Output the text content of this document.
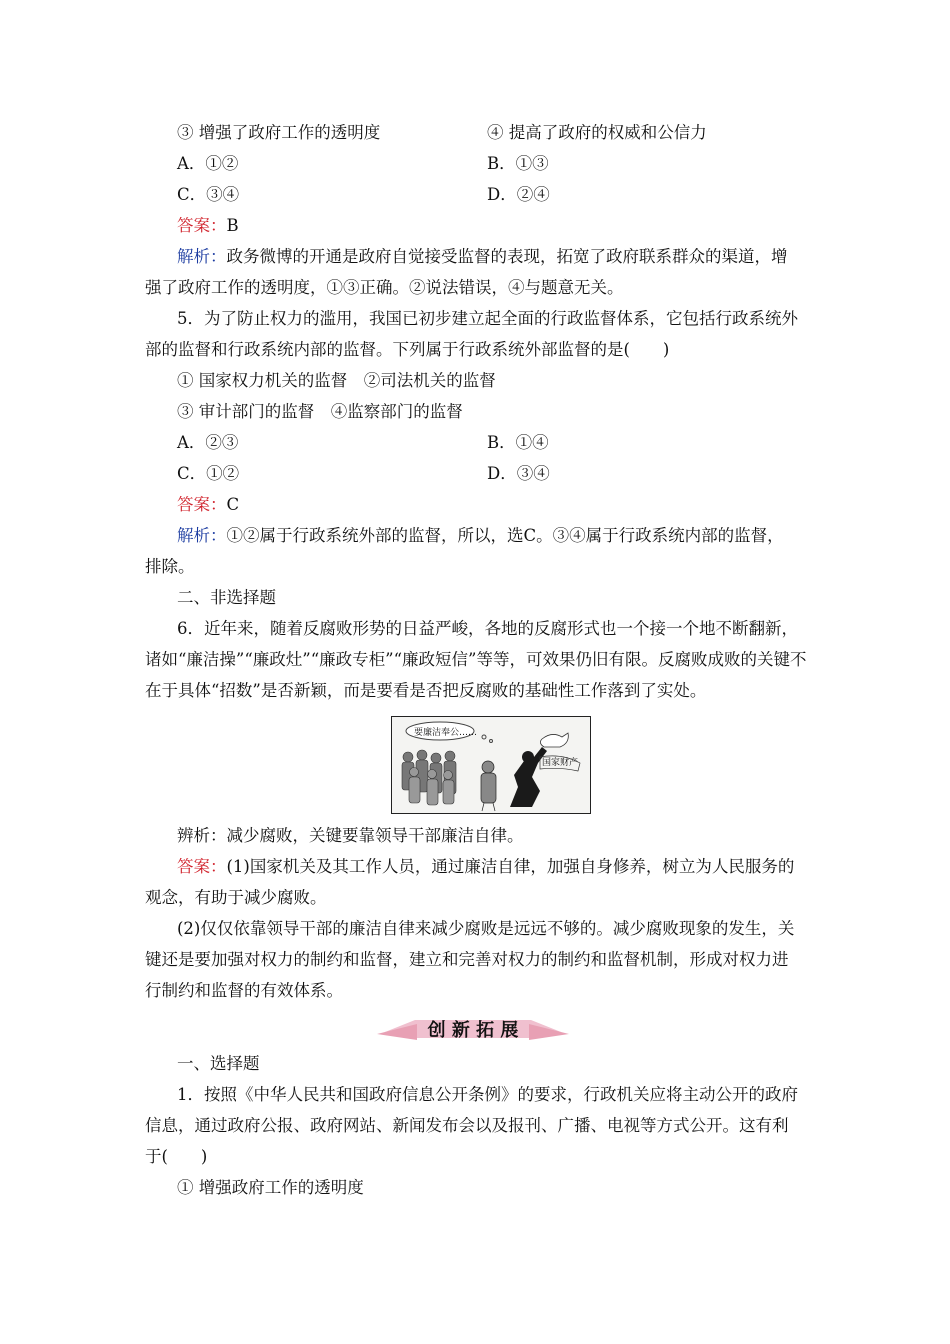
③ 增强了政府工作的透明度	④ 提高了政府的权威和公信力
A．①②	B．①③
C．③④	D．②④
答案：B
解析：政务微博的开通是政府自觉接受监督的表现，拓宽了政府联系群众的渠道，增
强了政府工作的透明度，①③正确。②说法错误，④与题意无关。
5．为了防止权力的滥用，我国已初步建立起全面的行政监督体系，它包括行政系统外
部的监督和行政系统内部的监督。下列属于行政系统外部监督的是(　　)
① 国家权力机关的监督　②司法机关的监督
③ 审计部门的监督　④监察部门的监督
A．②③	B．①④
C．①②	D．③④
答案：C
解析：①②属于行政系统外部的监督，所以，选C。③④属于行政系统内部的监督，
排除。
二、非选择题
6．近年来，随着反腐败形势的日益严峻，各地的反腐形式也一个接一个地不断翻新，
诸如“廉洁操”“廉政灶”“廉政专柜”“廉政短信”等等，可效果仍旧有限。反腐败成败的关键不
在于具体“招数”是否新颖，而是要看是否把反腐败的基础性工作落到了实处。
要廉洁奉公……
国家财产
辨析：减少腐败，关键要靠领导干部廉洁自律。
答案：(1)国家机关及其工作人员，通过廉洁自律，加强自身修养，树立为人民服务的
观念，有助于减少腐败。
(2)仅仅依靠领导干部的廉洁自律来减少腐败是远远不够的。减少腐败现象的发生，关
键还是要加强对权力的制约和监督，建立和完善对权力的制约和监督机制，形成对权力进
行制约和监督的有效体系。
创 新 拓 展
一、选择题
1．按照《中华人民共和国政府信息公开条例》的要求，行政机关应将主动公开的政府
信息，通过政府公报、政府网站、新闻发布会以及报刊、广播、电视等方式公开。这有利
于(　　)
① 增强政府工作的透明度
